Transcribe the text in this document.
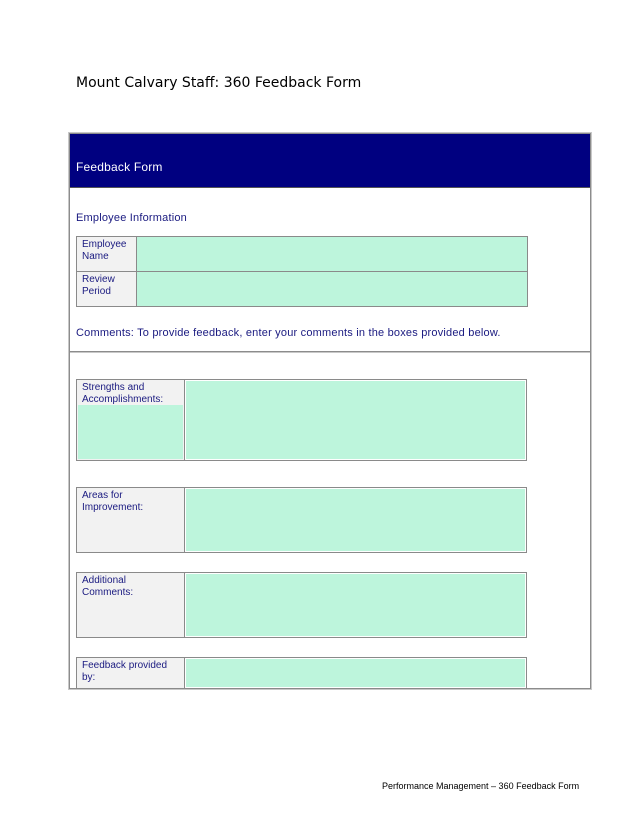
Mount Calvary Staff: 360 Feedback Form
Feedback Form
Employee Information
Employee Name	
Review Period	
Comments: To provide feedback, enter your comments in the boxes provided below.
Strengths and Accomplishments:
Areas for Improvement:
Additional Comments:
Feedback provided by:
Performance Management – 360 Feedback Form
